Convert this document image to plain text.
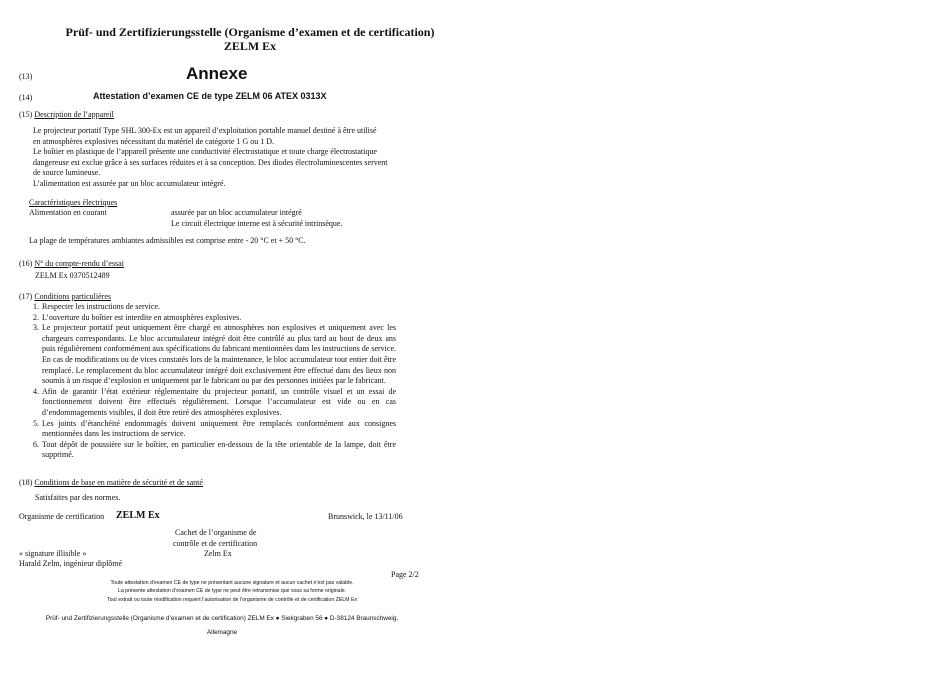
Prüf- und Zertifizierungsstelle (Organisme d’examen et de certification)
ZELM Ex
(13)	Annexe
(14)	Attestation d’examen CE de type ZELM 06 ATEX 0313X
(15) Description de l’appareil
Le projecteur portatif Type SHL 300-Ex est un appareil d’exploitation portable manuel destiné à être utilisé
en atmosphères explosives nécessitant du matériel de catégorie 1 G ou 1 D.
Le boîtier en plastique de l’appareil présente une conductivité électrostatique et toute charge électrostatique
dangereuse est exclue grâce à ses surfaces réduites et à sa conception. Des diodes électroluminescentes servent
de source lumineuse.
L’alimentation est assurée par un bloc accumulateur intégré.
Caractéristiques électriques
Alimentation en courant	assurée par un bloc accumulateur intégré
Le circuit électrique interne est à sécurité intrinsèque.
La plage de températures ambiantes admissibles est comprise entre - 20 °C et + 50 °C.
(16) N° du compte-rendu d’essai
ZELM Ex 0370512489
(17) Conditions particulières
1. Respecter les instructions de service.
2. L’ouverture du boîtier est interdite en atmosphères explosives.
3. Le projecteur portatif peut uniquement être chargé en atmosphères non explosives et uniquement avec les chargeurs correspondants. Le bloc accumulateur intégré doit être contrôlé au plus tard au bout de deux ans puis régulièrement conformément aux spécifications du fabricant mentionnées dans les instructions de service. En cas de modifications ou de vices constatés lors de la maintenance, le bloc accumulateur tout entier doit être remplacé. Le remplacement du bloc accumulateur intégré doit exclusivement être effectué dans des lieux non soumis à un risque d’explosion et uniquement par le fabricant ou par des personnes initiées par le fabricant.
4. Afin de garantir l’état extérieur réglementaire du projecteur portatif, un contrôle visuel et un essai de fonctionnement doivent être effectués régulièrement. Lorsque l’accumulateur est vide ou en cas d’endommagements visibles, il doit être retiré des atmosphères explosives.
5. Les joints d’étanchéité endommagés doivent uniquement être remplacés conformément aux consignes mentionnées dans les instructions de service.
6. Tout dépôt de poussière sur le boîtier, en particulier en-dessous de la tête orientable de la lampe, doit être supprimé.
(18) Conditions de base en matière de sécurité et de santé
Satisfaites par des normes.
Organisme de certification ZELM Ex	Brunswick, le 13/11/06
Cachet de l’organisme de
contrôle et de certification
Zelm Ex
« signature illisible »
Harald Zelm, ingénieur diplômé
Page 2/2
Toute attestation d’examen CE de type ne présentant aucune signature et aucun cachet n’est pas valable.
La présente attestation d’examen CE de type ne peut être retransmise que sous sa forme originale.
Tout extrait ou toute modification requiert l’autorisation de l’organisme de contrôle et de certification ZELM Ex
Prüf- und Zertifizierungsstelle (Organisme d’examen et de certification) ZELM Ex ● Siekgraben 56 ● D-38124 Braunschweig,
Allemagne
